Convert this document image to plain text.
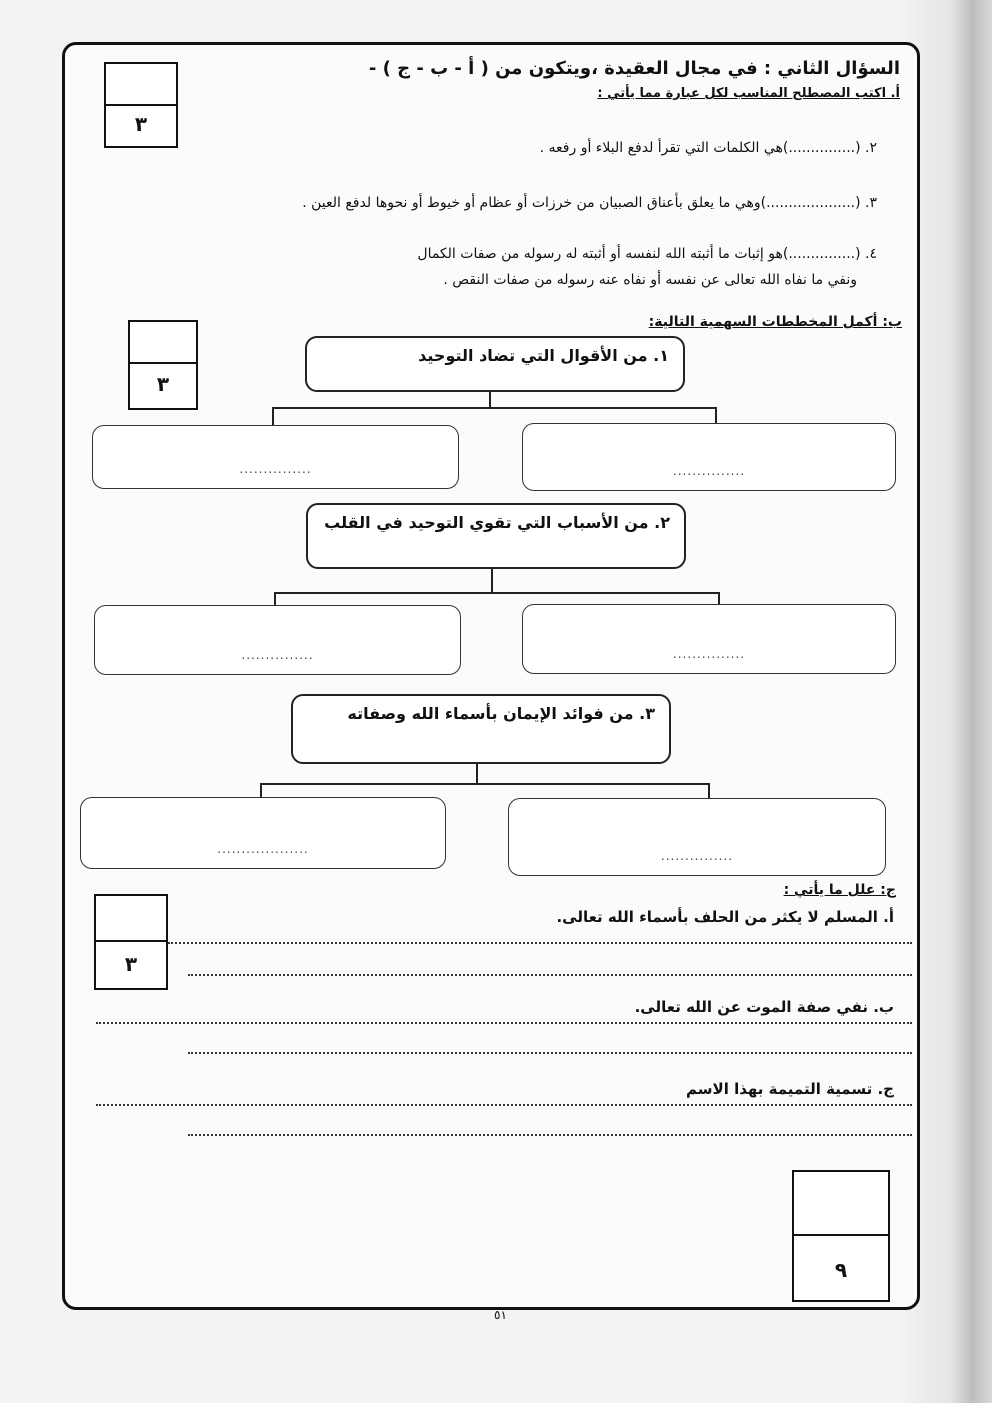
السؤال الثاني : في مجال العقيدة ،ويتكون من ( أ - ب - ج ) -
أ. اكتب المصطلح المناسب لكل عبارة مما يأتي :
٣
٢. (...............)هي الكلمات التي تقرأ لدفع البلاء أو رفعه .
٣. (....................)وهي ما يعلق بأعناق الصبيان من خرزات أو عظام أو خيوط أو نحوها لدفع العين .
٤. (...............)هو إثبات ما أثبته الله لنفسه أو أثبته له رسوله من صفات الكمال
ونفي ما نفاه الله تعالى عن نفسه أو نفاه عنه رسوله من صفات النقص .
ب: أكمل المخططات السهمية التالية:
٣
١. من الأقوال التي تضاد التوحيد
...............	...............
٢. من الأسباب التي تقوي التوحيد في القلب
...............	...............
٣. من فوائد الإيمان بأسماء الله وصفاته
...................	...............
ج: علل ما يأتي :
٣
أ. المسلم لا يكثر من الحلف بأسماء الله تعالى.
ب. نفي صفة الموت عن الله تعالى.
ج. تسمية التميمة بهذا الاسم
٩
٥١
